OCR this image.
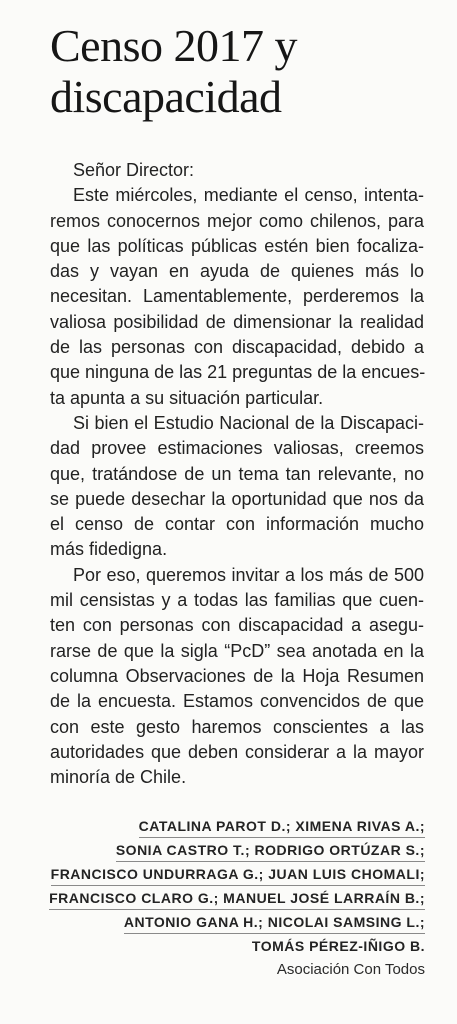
Censo 2017 y
discapacidad
Señor Director:
Este miércoles, mediante el censo, intenta-
remos conocernos mejor como chilenos, para
que las políticas públicas estén bien focaliza-
das y vayan en ayuda de quienes más lo
necesitan. Lamentablemente, perderemos la
valiosa posibilidad de dimensionar la realidad
de las personas con discapacidad, debido a
que ninguna de las 21 preguntas de la encues-
ta apunta a su situación particular.
Si bien el Estudio Nacional de la Discapaci-
dad provee estimaciones valiosas, creemos
que, tratándose de un tema tan relevante, no
se puede desechar la oportunidad que nos da
el censo de contar con información mucho
más fidedigna.
Por eso, queremos invitar a los más de 500
mil censistas y a todas las familias que cuen-
ten con personas con discapacidad a asegu-
rarse de que la sigla “PcD” sea anotada en la
columna Observaciones de la Hoja Resumen
de la encuesta. Estamos convencidos de que
con este gesto haremos conscientes a las
autoridades que deben considerar a la mayor
minoría de Chile.
CATALINA PAROT D.; XIMENA RIVAS A.;
SONIA CASTRO T.; RODRIGO ORTÚZAR S.;
FRANCISCO UNDURRAGA G.; JUAN LUIS CHOMALI;
FRANCISCO CLARO G.; MANUEL JOSÉ LARRAÍN B.;
ANTONIO GANA H.; NICOLAI SAMSING L.;
TOMÁS PÉREZ-IÑIGO B.
Asociación Con Todos
